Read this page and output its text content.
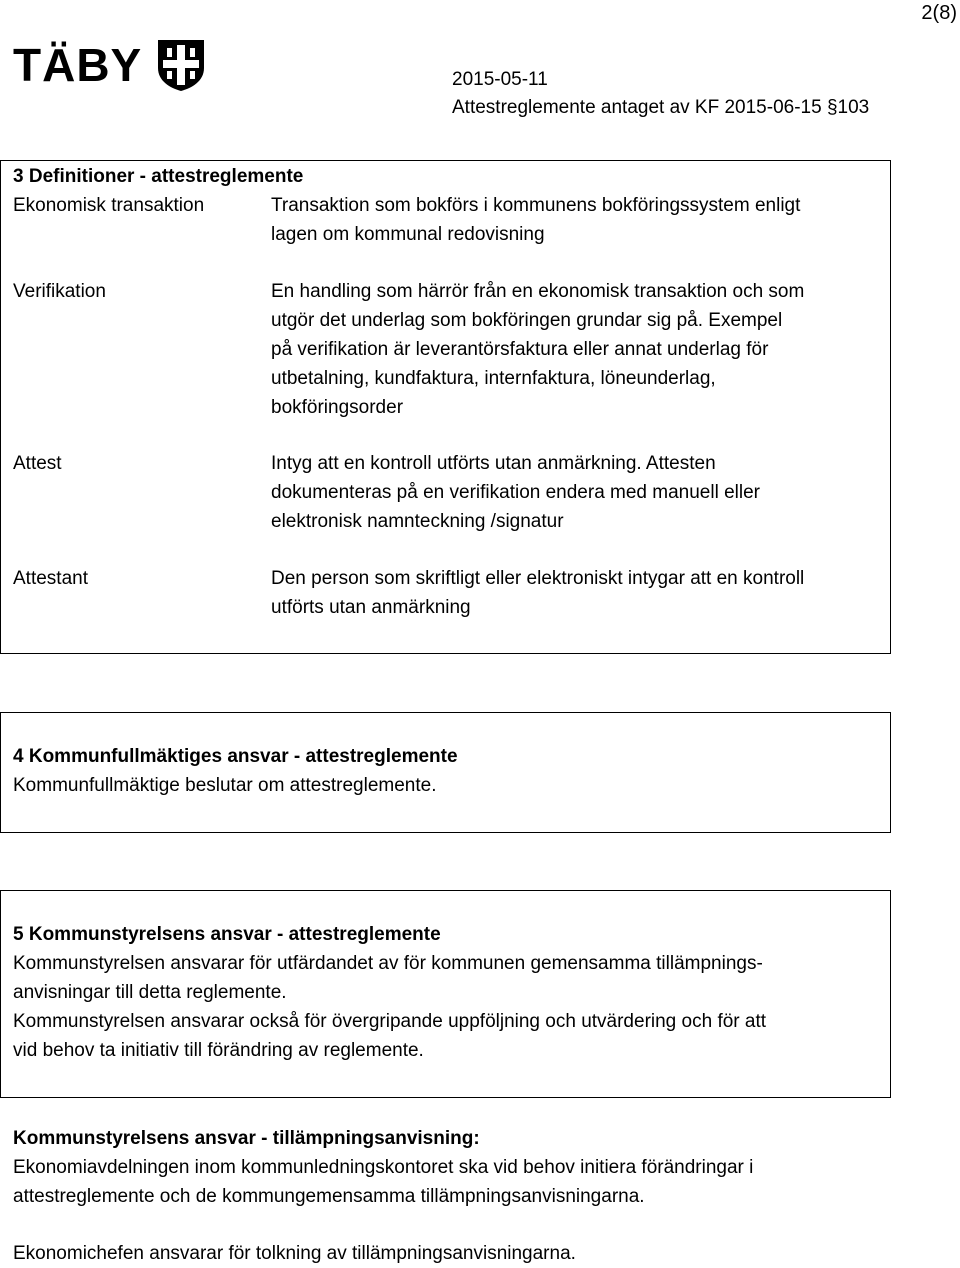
2(8)
TÄBY	2015-05-11
Attestreglemente antaget av KF 2015-06-15 §103
3 Definitioner - attestreglemente
Ekonomisk transaktion	Transaktion som bokförs i kommunens bokföringssystem enligt
lagen om kommunal redovisning
Verifikation	En handling som härrör från en ekonomisk transaktion och som
utgör det underlag som bokföringen grundar sig på. Exempel
på verifikation är leverantörsfaktura eller annat underlag för
utbetalning, kundfaktura, internfaktura, löneunderlag,
bokföringsorder
Attest	Intyg att en kontroll utförts utan anmärkning. Attesten
dokumenteras på en verifikation endera med manuell eller
elektronisk namnteckning /signatur
Attestant	Den person som skriftligt eller elektroniskt intygar att en kontroll
utförts utan anmärkning
4 Kommunfullmäktiges ansvar - attestreglemente
Kommunfullmäktige beslutar om attestreglemente.
5 Kommunstyrelsens ansvar - attestreglemente
Kommunstyrelsen ansvarar för utfärdandet av för kommunen gemensamma tillämpnings-
anvisningar till detta reglemente.
Kommunstyrelsen ansvarar också för övergripande uppföljning och utvärdering och för att
vid behov ta initiativ till förändring av reglemente.
Kommunstyrelsens ansvar - tillämpningsanvisning:
Ekonomiavdelningen inom kommunledningskontoret ska vid behov initiera förändringar i
attestreglemente och de kommungemensamma tillämpningsanvisningarna.
Ekonomichefen ansvarar för tolkning av tillämpningsanvisningarna.
